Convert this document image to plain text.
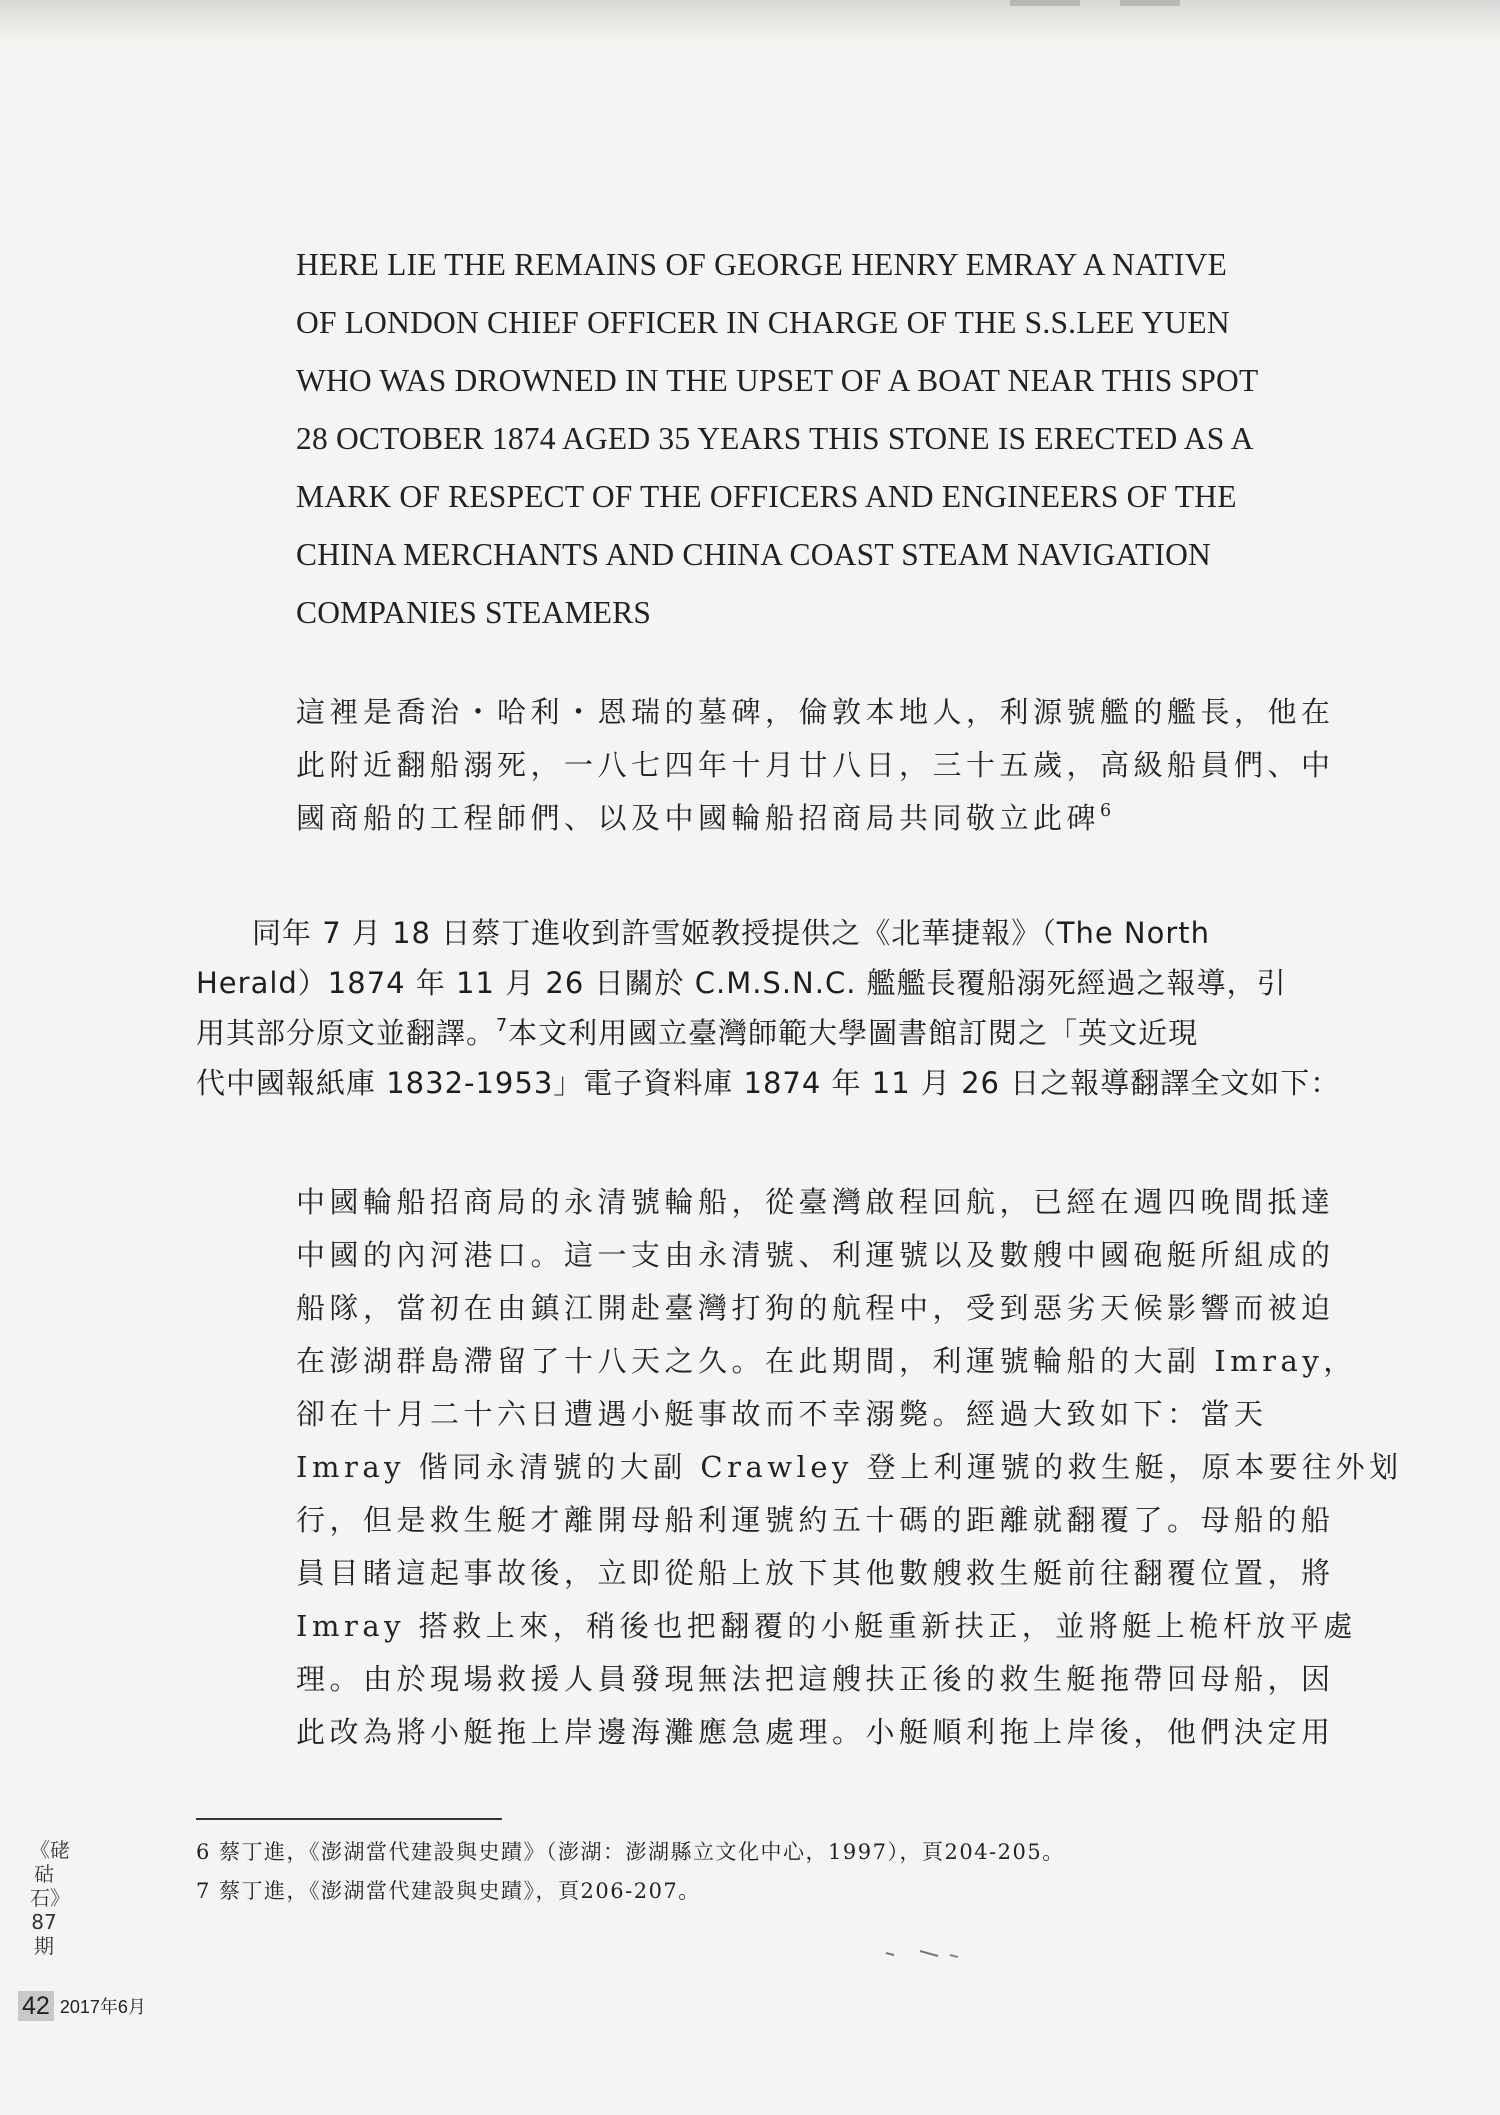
HERE LIE THE REMAINS OF GEORGE HENRY EMRAY A NATIVE

OF LONDON CHIEF OFFICER IN CHARGE OF THE S.S.LEE YUEN

WHO WAS DROWNED IN THE UPSET OF A BOAT NEAR THIS SPOT

28 OCTOBER 1874 AGED 35 YEARS THIS STONE IS ERECTED AS A

MARK OF RESPECT OF THE OFFICERS AND ENGINEERS OF THE

CHINA MERCHANTS AND CHINA COAST STEAM NAVIGATION

COMPANIES STEAMERS

這裡是喬治・哈利・恩瑞的墓碑，倫敦本地人，利源號艦的艦長，他在

此附近翻船溺死，一八七四年十月廿八日，三十五歲，高級船員們、中

國商船的工程師們、以及中國輪船招商局共同敬立此碑$^6$

同年 7 月 18 日蔡丁進收到許雪姬教授提供之《北華捷報》（The North

Herald）1874 年 11 月 26 日關於 C.M.S.N.C. 艦艦長覆船溺死經過之報導，引

用其部分原文並翻譯。$^7$本文利用國立臺灣師範大學圖書館訂閱之「英文近現

代中國報紙庫 1832-1953」電子資料庫 1874 年 11 月 26 日之報導翻譯全文如下：

中國輪船招商局的永清號輪船，從臺灣啟程回航，已經在週四晚間抵達

中國的內河港口。這一支由永清號、利運號以及數艘中國砲艇所組成的

船隊，當初在由鎮江開赴臺灣打狗的航程中，受到惡劣天候影響而被迫

在澎湖群島滯留了十八天之久。在此期間，利運號輪船的大副 Imray，

卻在十月二十六日遭遇小艇事故而不幸溺斃。經過大致如下：當天

Imray 偕同永清號的大副 Crawley 登上利運號的救生艇，原本要往外划

行，但是救生艇才離開母船利運號約五十碼的距離就翻覆了。母船的船

員目睹這起事故後，立即從船上放下其他數艘救生艇前往翻覆位置，將

Imray 搭救上來，稍後也把翻覆的小艇重新扶正，並將艇上桅杆放平處

理。由於現場救援人員發現無法把這艘扶正後的救生艇拖帶回母船，因

此改為將小艇拖上岸邊海灘應急處理。小艇順利拖上岸後，他們決定用

6 蔡丁進，《澎湖當代建設與史蹟》（澎湖：澎湖縣立文化中心，1997），頁204-205。

7 蔡丁進，《澎湖當代建設與史蹟》，頁206-207。

《硓𥑮石》87期
42 2017年6月
